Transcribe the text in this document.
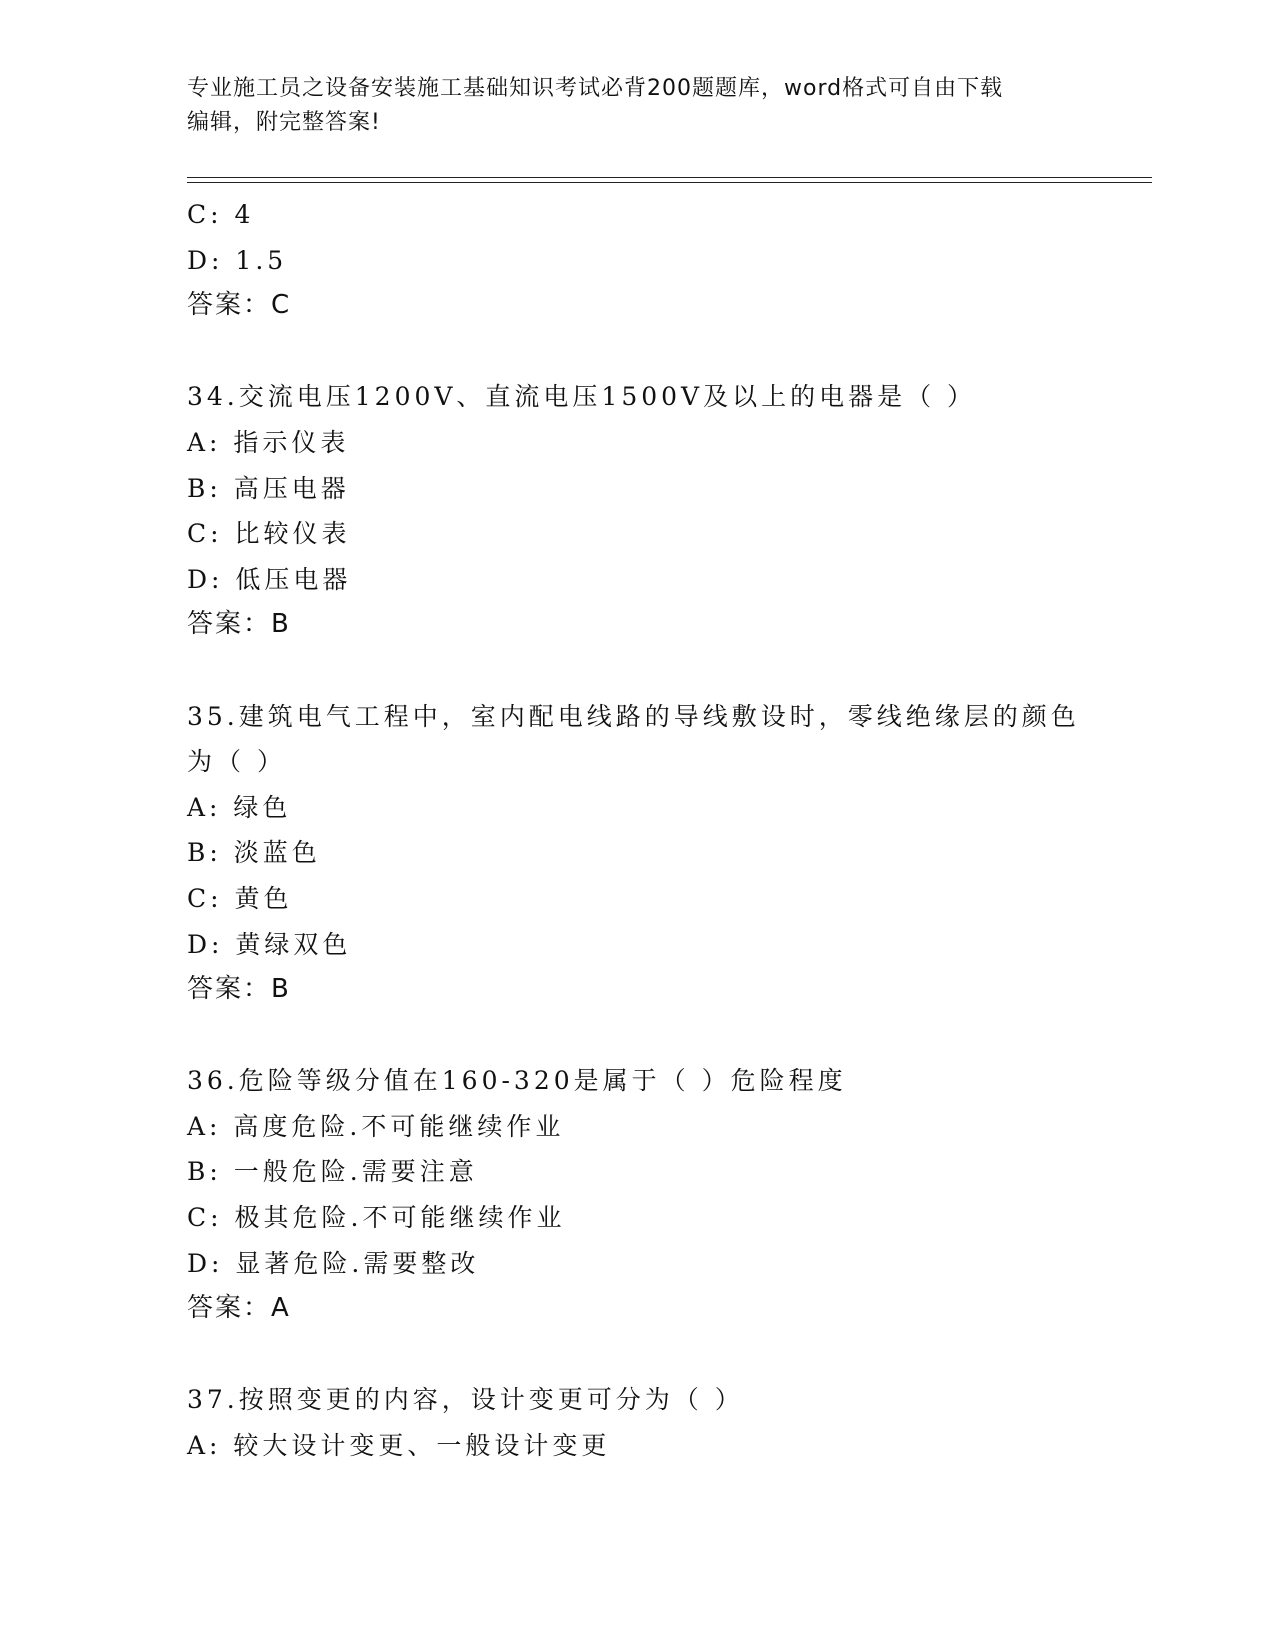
专业施工员之设备安装施工基础知识考试必背200题题库，word格式可自由下载
编辑，附完整答案!
C: 4
D: 1.5
答案：C
34.交流电压1200V、直流电压1500V及以上的电器是（ ）
A: 指示仪表
B: 高压电器
C: 比较仪表
D: 低压电器
答案：B
35.建筑电气工程中，室内配电线路的导线敷设时，零线绝缘层的颜色
为（ ）
A: 绿色
B: 淡蓝色
C: 黄色
D: 黄绿双色
答案：B
36.危险等级分值在160-320是属于（ ）危险程度
A: 高度危险.不可能继续作业
B: 一般危险.需要注意
C: 极其危险.不可能继续作业
D: 显著危险.需要整改
答案：A
37.按照变更的内容，设计变更可分为（ ）
A: 较大设计变更、一般设计变更
